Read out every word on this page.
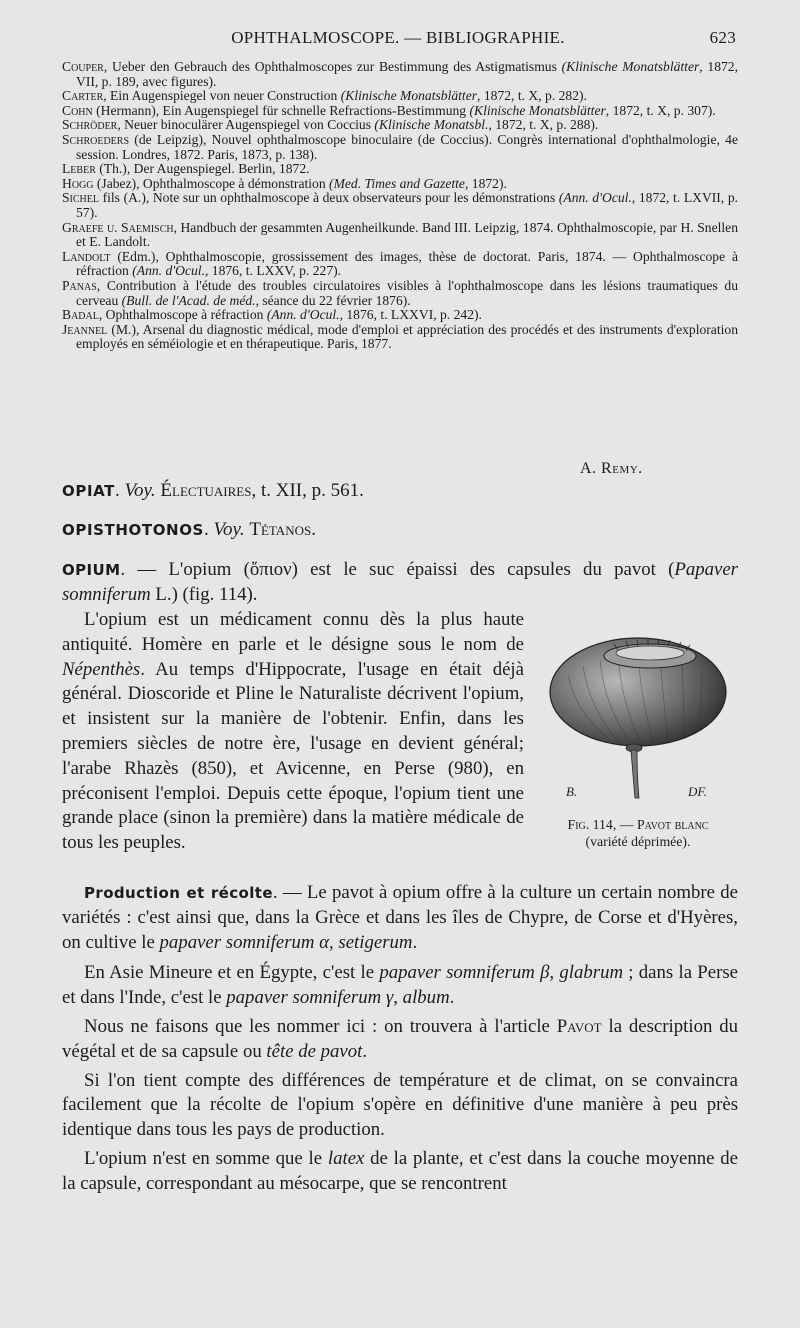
OPHTHALMOSCOPE. — BIBLIOGRAPHIE.	623

Couper, Ueber den Gebrauch des Ophthalmoscopes zur Bestimmung des Astigmatismus (Klinische Monatsblätter, 1872, VII, p. 189, avec figures).

Carter, Ein Augenspiegel von neuer Construction (Klinische Monatsblätter, 1872, t. X, p. 282).

Cohn (Hermann), Ein Augenspiegel für schnelle Refractions-Bestimmung (Klinische Monatsblätter, 1872, t. X, p. 307).

Schröder, Neuer binoculärer Augenspiegel von Coccius (Klinische Monatsbl., 1872, t. X, p. 288).

Schroeders (de Leipzig), Nouvel ophthalmoscope binoculaire (de Coccius). Congrès international d'ophthalmologie, 4e session. Londres, 1872. Paris, 1873, p. 138).

Leber (Th.), Der Augenspiegel. Berlin, 1872.

Hogg (Jabez), Ophthalmoscope à démonstration (Med. Times and Gazette, 1872).

Sichel fils (A.), Note sur un ophthalmoscope à deux observateurs pour les démonstrations (Ann. d'Ocul., 1872, t. LXVII, p. 57).

Graefe u. Saemisch, Handbuch der gesammten Augenheilkunde. Band III. Leipzig, 1874. Ophthalmoscopie, par H. Snellen et E. Landolt.

Landolt (Edm.), Ophthalmoscopie, grossissement des images, thèse de doctorat. Paris, 1874. — Ophthalmoscope à réfraction (Ann. d'Ocul., 1876, t. LXXV, p. 227).

Panas, Contribution à l'étude des troubles circulatoires visibles à l'ophthalmoscope dans les lésions traumatiques du cerveau (Bull. de l'Acad. de méd., séance du 22 février 1876).

Badal, Ophthalmoscope à réfraction (Ann. d'Ocul., 1876, t. LXXVI, p. 242).

Jeannel (M.), Arsenal du diagnostic médical, mode d'emploi et appréciation des procédés et des instruments d'exploration employés en séméiologie et en thérapeutique. Paris, 1877.

A. Remy.
OPIAT. Voy. Électuaires, t. XII, p. 561.
OPISTHOTONOS. Voy. Tétanos.

OPIUM. — L'opium (ὄπιον) est le suc épaissi des capsules du pavot (Papaver somniferum L.) (fig. 114).

L'opium est un médicament connu dès la plus haute antiquité. Homère en parle et le désigne sous le nom de Népenthès. Au temps d'Hippocrate, l'usage en était déjà général. Dioscoride et Pline le Naturaliste décrivent l'opium, et insistent sur la manière de l'obtenir. Enfin, dans les premiers siècles de notre ère, l'usage en devient général; l'arabe Rhazès (850), et Avicenne, en Perse (980), en préconisent l'emploi. Depuis cette époque, l'opium tient une grande place (sinon la première) dans la matière médicale de tous les peuples.

B.	DF.
Fig. 114, — Pavot blanc
(variété déprimée).

Production et récolte. — Le pavot à opium offre à la culture un certain nombre de variétés : c'est ainsi que, dans la Grèce et dans les îles de Chypre, de Corse et d'Hyères, on cultive le papaver somniferum α, setigerum.

En Asie Mineure et en Égypte, c'est le papaver somniferum β, glabrum ; dans la Perse et dans l'Inde, c'est le papaver somniferum γ, album.

Nous ne faisons que les nommer ici : on trouvera à l'article Pavot la description du végétal et de sa capsule ou tête de pavot.

Si l'on tient compte des différences de température et de climat, on se convaincra facilement que la récolte de l'opium s'opère en définitive d'une manière à peu près identique dans tous les pays de production.

L'opium n'est en somme que le latex de la plante, et c'est dans la couche moyenne de la capsule, correspondant au mésocarpe, que se rencontrent
